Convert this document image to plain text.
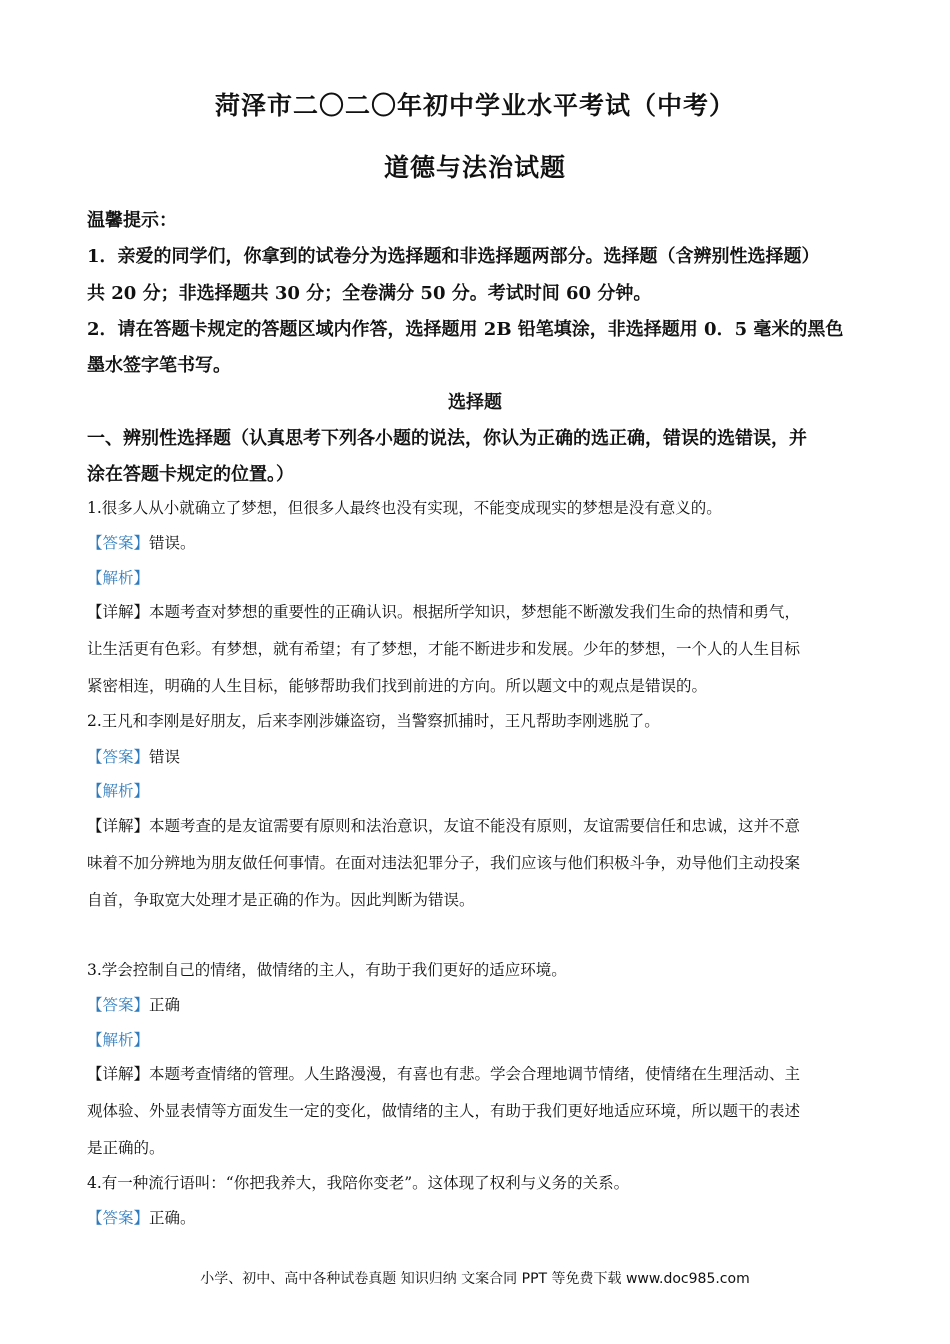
菏泽市二〇二〇年初中学业水平考试（中考）
道德与法治试题
温馨提示：
1．亲爱的同学们，你拿到的试卷分为选择题和非选择题两部分。选择题（含辨别性选择题）
共 20 分；非选择题共 30 分；全卷满分 50 分。考试时间 60 分钟。
2．请在答题卡规定的答题区域内作答，选择题用 2B 铅笔填涂，非选择题用 0．5 毫米的黑色
墨水签字笔书写。
选择题
一、辨别性选择题（认真思考下列各小题的说法，你认为正确的选正确，错误的选错误，并
涂在答题卡规定的位置。）
1.很多人从小就确立了梦想，但很多人最终也没有实现，不能变成现实的梦想是没有意义的。
【答案】错误。
【解析】
【详解】本题考查对梦想的重要性的正确认识。根据所学知识，梦想能不断激发我们生命的热情和勇气，
让生活更有色彩。有梦想，就有希望；有了梦想，才能不断进步和发展。少年的梦想，一个人的人生目标
紧密相连，明确的人生目标，能够帮助我们找到前进的方向。所以题文中的观点是错误的。
2.王凡和李刚是好朋友，后来李刚涉嫌盗窃，当警察抓捕时，王凡帮助李刚逃脱了。
【答案】错误
【解析】
【详解】本题考查的是友谊需要有原则和法治意识，友谊不能没有原则，友谊需要信任和忠诚，这并不意
味着不加分辨地为朋友做任何事情。在面对违法犯罪分子，我们应该与他们积极斗争，劝导他们主动投案
自首，争取宽大处理才是正确的作为。因此判断为错误。
3.学会控制自己的情绪，做情绪的主人，有助于我们更好的适应环境。
【答案】正确
【解析】
【详解】本题考查情绪的管理。人生路漫漫，有喜也有悲。学会合理地调节情绪，使情绪在生理活动、主
观体验、外显表情等方面发生一定的变化，做情绪的主人，有助于我们更好地适应环境，所以题干的表述
是正确的。
4.有一种流行语叫：“你把我养大，我陪你变老”。这体现了权利与义务的关系。
【答案】正确。
小学、初中、高中各种试卷真题 知识归纳 文案合同 PPT 等免费下载 www.doc985.com
